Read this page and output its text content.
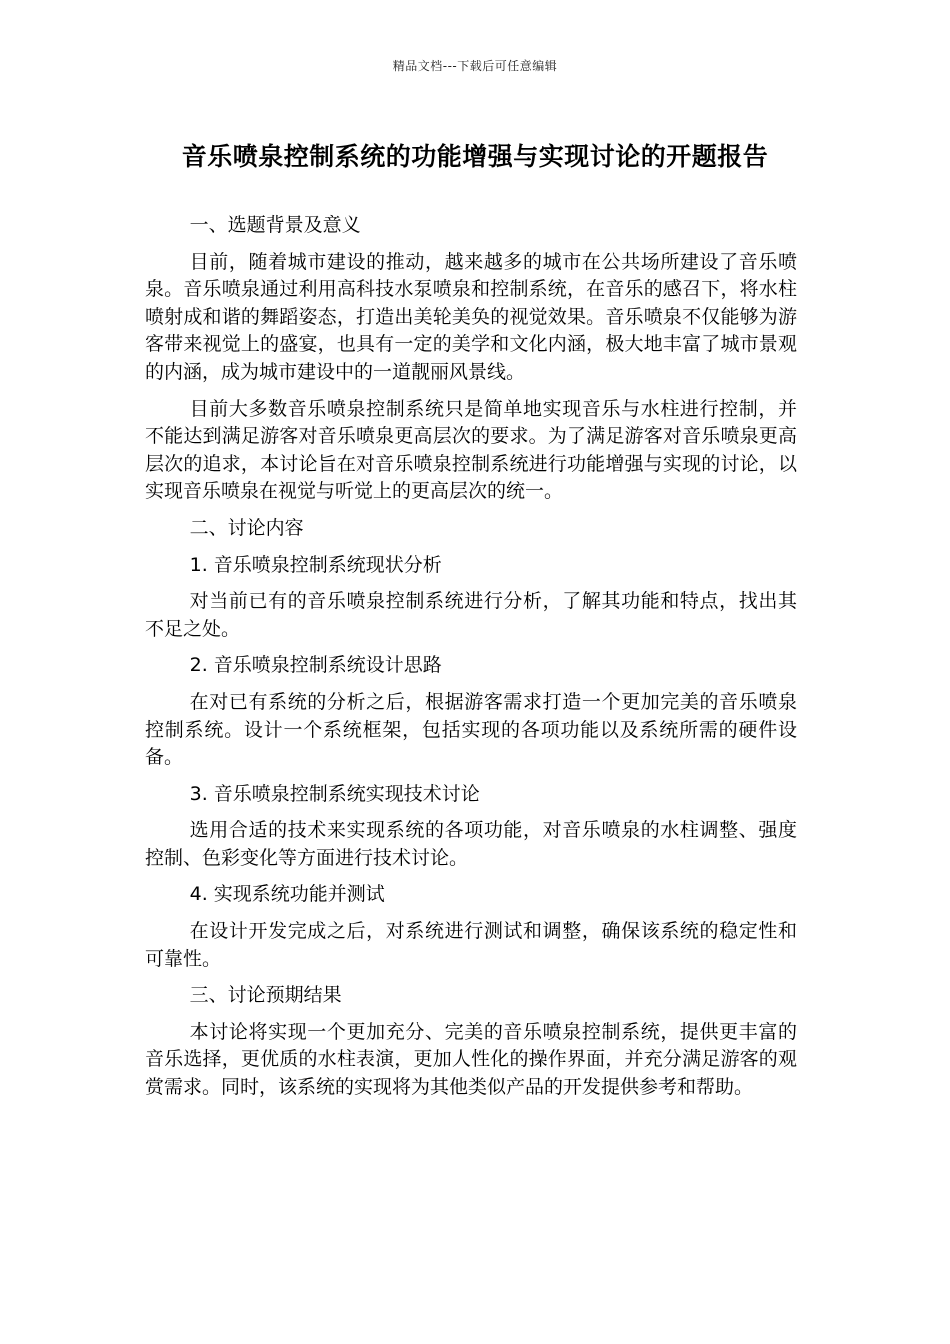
精品文档---下载后可任意编辑
音乐喷泉控制系统的功能增强与实现讨论的开题报告

一、选题背景及意义

目前，随着城市建设的推动，越来越多的城市在公共场所建设了音乐喷泉。音乐喷泉通过利用高科技水泵喷泉和控制系统，在音乐的感召下，将水柱喷射成和谐的舞蹈姿态，打造出美轮美奂的视觉效果。音乐喷泉不仅能够为游客带来视觉上的盛宴，也具有一定的美学和文化内涵，极大地丰富了城市景观的内涵，成为城市建设中的一道靓丽风景线。

目前大多数音乐喷泉控制系统只是简单地实现音乐与水柱进行控制，并不能达到满足游客对音乐喷泉更高层次的要求。为了满足游客对音乐喷泉更高层次的追求，本讨论旨在对音乐喷泉控制系统进行功能增强与实现的讨论，以实现音乐喷泉在视觉与听觉上的更高层次的统一。

二、讨论内容

1. 音乐喷泉控制系统现状分析

对当前已有的音乐喷泉控制系统进行分析，了解其功能和特点，找出其不足之处。

2. 音乐喷泉控制系统设计思路

在对已有系统的分析之后，根据游客需求打造一个更加完美的音乐喷泉控制系统。设计一个系统框架，包括实现的各项功能以及系统所需的硬件设备。

3. 音乐喷泉控制系统实现技术讨论

选用合适的技术来实现系统的各项功能，对音乐喷泉的水柱调整、强度控制、色彩变化等方面进行技术讨论。

4. 实现系统功能并测试

在设计开发完成之后，对系统进行测试和调整，确保该系统的稳定性和可靠性。

三、讨论预期结果

本讨论将实现一个更加充分、完美的音乐喷泉控制系统，提供更丰富的音乐选择，更优质的水柱表演，更加人性化的操作界面，并充分满足游客的观赏需求。同时，该系统的实现将为其他类似产品的开发提供参考和帮助。
